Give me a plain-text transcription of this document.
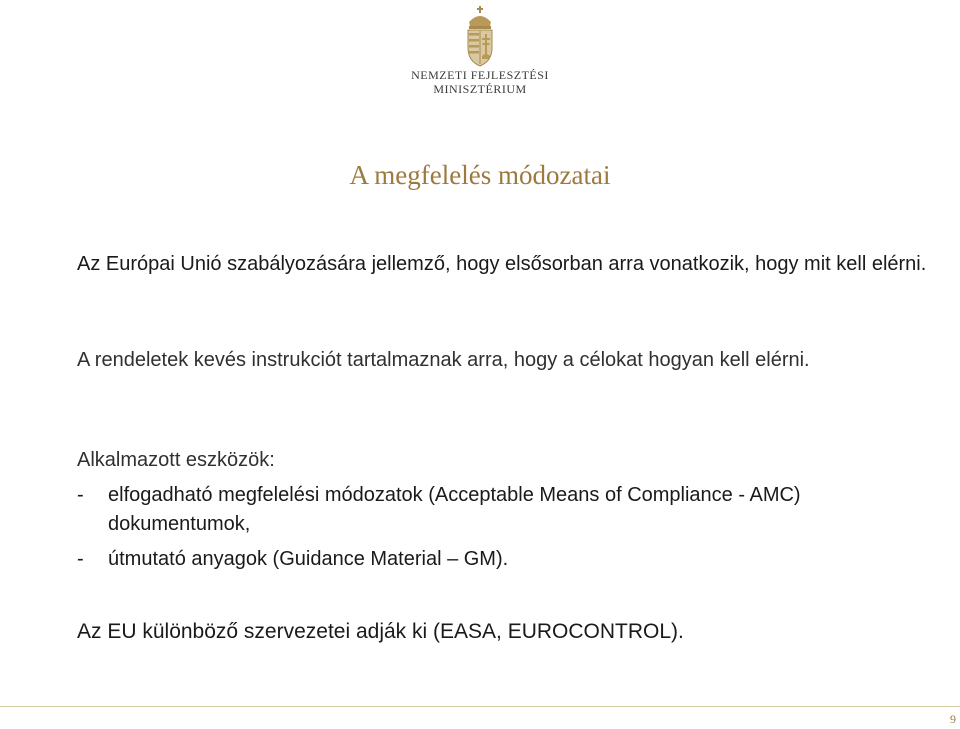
NEMZETI FEJLESZTÉSI
MINISZTÉRIUM
A megfelelés módozatai

Az Európai Unió szabályozására jellemző, hogy elsősorban arra vonatkozik, hogy mit kell elérni.

A rendeletek kevés instrukciót tartalmaznak arra, hogy a célokat hogyan kell elérni.

Alkalmazott eszközök:

- elfogadható megfelelési módozatok (Acceptable Means of Compliance - AMC) dokumentumok,
- útmutató anyagok (Guidance Material – GM).

Az EU különböző szervezetei adják ki (EASA, EUROCONTROL).

9
